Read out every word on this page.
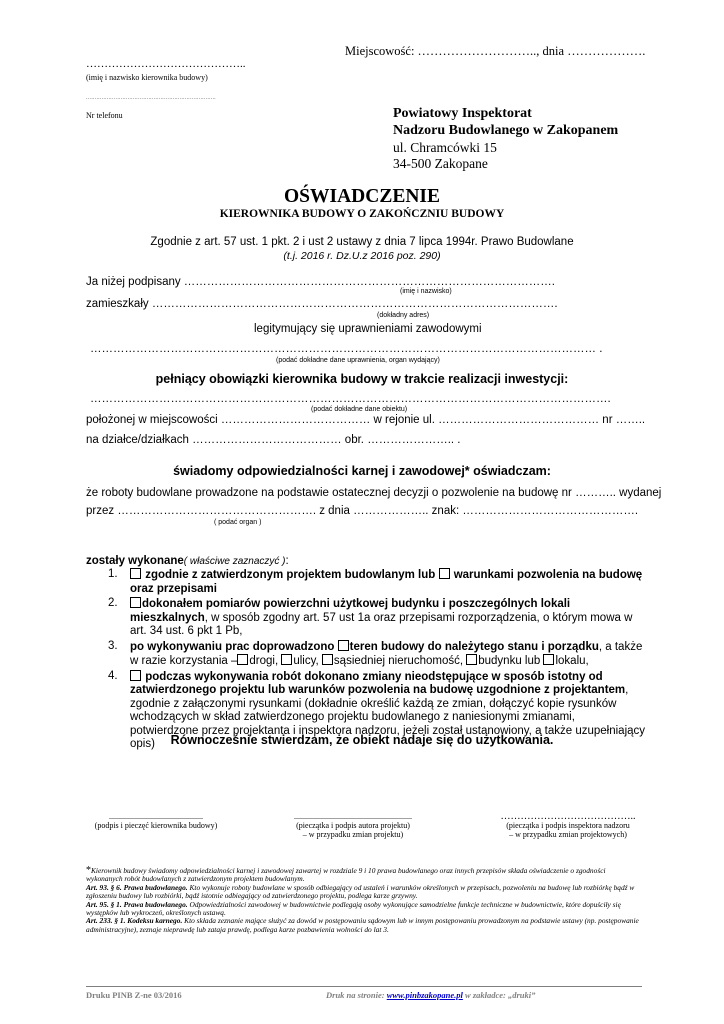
Miejscowość: ……………………….., dnia ……………….
……………………………………..
(imię i nazwisko kierownika budowy)
…………………………………………………………………
Nr telefonu	Powiatowy Inspektorat
Nadzoru Budowlanego w Zakopanem
ul. Chramcówki 15
34-500 Zakopane
OŚWIADCZENIE
KIEROWNIKA BUDOWY O ZAKOŃCZNIU BUDOWY
Zgodnie z art. 57 ust. 1 pkt. 2 i ust 2 ustawy z dnia 7 lipca 1994r. Prawo Budowlane
(t.j. 2016 r. Dz.U.z 2016 poz. 290)
Ja niżej podpisany …………………………………………………………………………………….
(imię i nazwisko)
zamieszkały …………………………………………………………………………………………….
(dokładny adres)
legitymujący się uprawnieniami zawodowymi
…………………………………………………………………………………………………………………… .
(podać dokładne dane uprawnienia, organ wydający)
pełniący obowiązki kierownika budowy w trakcie realizacji inwestycji:
……………………………………………………………………………………………………………………….
(podać dokładne dane obiektu)
położonej w miejscowości ………………………………… w rejonie ul. …………………………………… nr ……..
na działce/działkach ………………………………… obr. ………………….. .
świadomy odpowiedzialności karnej i zawodowej* oświadczam:
że roboty budowlane prowadzone na podstawie ostatecznej decyzji o pozwolenie na budowę nr ……….. wydanej
przez ……………………………………………. z dnia ……………….. znak: ……………………………………….
( podać organ )
zostały wykonane( właściwe zaznaczyć ):
1. zgodnie z zatwierdzonym projektem budowlanym lub warunkami pozwolenia na budowę oraz przepisami
2. dokonałem pomiarów powierzchni użytkowej budynku i poszczególnych lokali mieszkalnych, w sposób zgodny art. 57 ust 1a oraz przepisami rozporządzenia, o którym mowa w art. 34 ust. 6 pkt 1 Pb,
3. po wykonywaniu prac doprowadzono teren budowy do należytego stanu i porządku, a także w razie korzystania – drogi, ulicy, sąsiedniej nieruchomość, budynku lub lokalu,
4. podczas wykonywania robót dokonano zmiany nieodstępujące w sposób istotny od zatwierdzonego projektu lub warunków pozwolenia na budowę uzgodnione z projektantem, zgodnie z załączonymi rysunkami (dokładnie określić każdą ze zmian, dołączyć kopie rysunków wchodzących w skład zatwierdzonego projektu budowlanego z naniesionymi zmianami, potwierdzone przez projektanta i inspektora nadzoru, jeżeli został ustanowiony, a także uzupełniający opis)	Równocześnie stwierdzam, że obiekt nadaje się do użytkowania.
...............................................
(podpis i pieczęć kierownika budowy)
...........................................................
(pieczątka i podpis autora projektu)
– w przypadku zmian projektu)
…………………………………..
(pieczątka i podpis inspektora nadzoru
– w przypadku zmian projektowych)

*Kierownik budowy świadomy odpowiedzialności karnej i zawodowej zawartej w rozdziale 9 i 10 prawa budowlanego oraz innych przepisów składa oświadczenie o zgodności wykonanych robót budowlanych z zatwierdzonym projektem budowlanym.

Art. 93. § 6. Prawa budowlanego. Kto wykonuje roboty budowlane w sposób odbiegający od ustaleń i warunków określonych w przepisach, pozwoleniu na budowę lub rozbiórkę bądź w zgłoszeniu budowy lub rozbiórki, bądź istotnie odbiegający od zatwierdzonego projektu, podlega karze grzywny.

Art. 95. § 1. Prawa budowlanego. Odpowiedzialności zawodowej w budownictwie podlegają osoby wykonujące samodzielne funkcje techniczne w budownictwie, które dopuściły się występków lub wykroczeń, określonych ustawą.

Art. 233. § 1. Kodeksu karnego. Kto składa zeznanie mające służyć za dowód w postępowaniu sądowym lub w innym postępowaniu prowadzonym na podstawie ustawy (np. postępowanie administracyjne), zeznaje nieprawdę lub zataja prawdę, podlega karze pozbawienia wolności do lat 3.

Druku PINB Z-ne 03/2016	Druk na stronie: www.pinbzakopane.pl w zakładce: „druki”
